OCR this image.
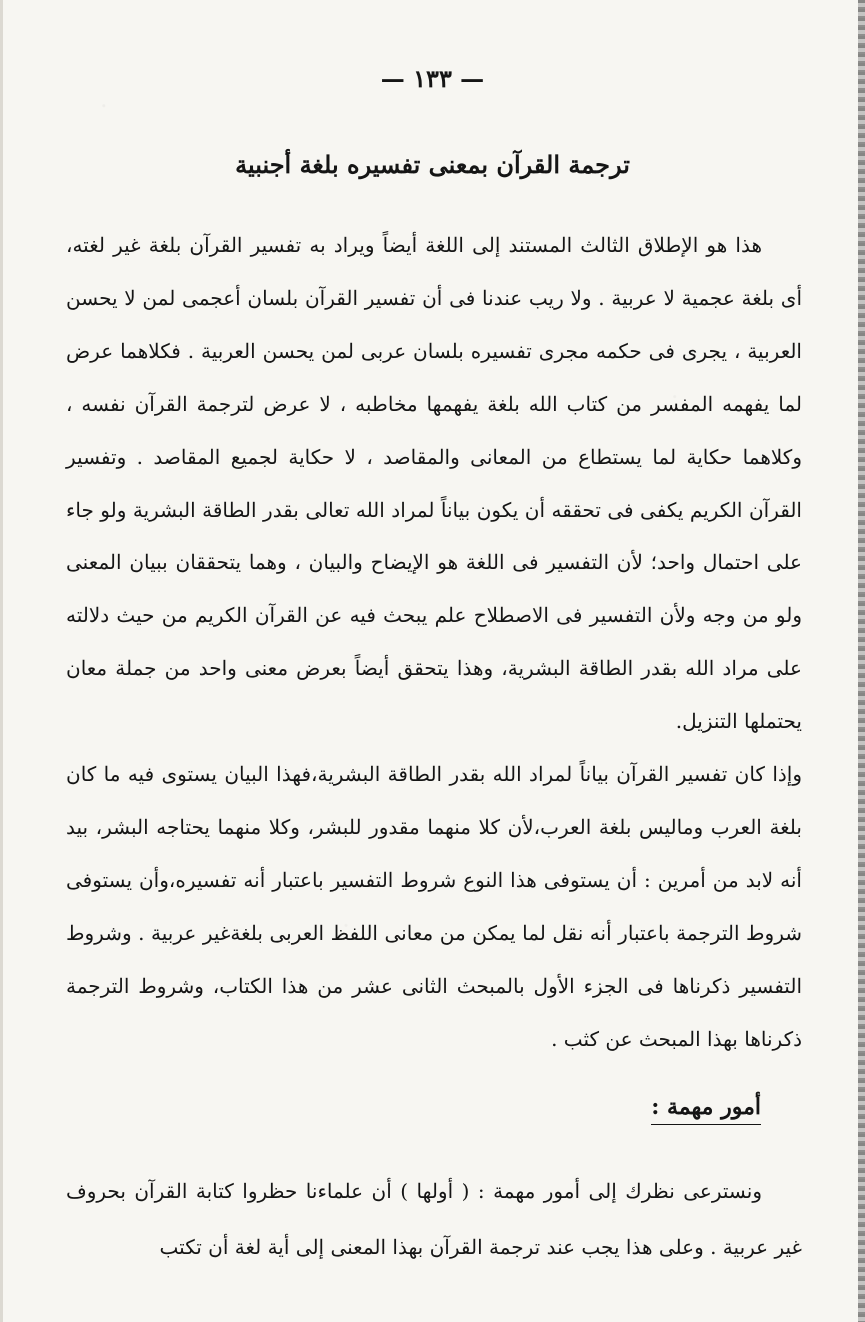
— ١٣٣ —
ترجمة القرآن بمعنى تفسيره بلغة أجنبية

هذا هو الإطلاق الثالث المستند إلى اللغة أيضاً ويراد به تفسير القرآن بلغة غير لغته، أى بلغة عجمية لا عربية . ولا ريب عندنا فى أن تفسير القرآن بلسان أعجمى لمن لا يحسن العربية ، يجرى فى حكمه مجرى تفسيره بلسان عربى لمن يحسن العربية . فكلاهما عرض لما يفهمه المفسر من كتاب الله بلغة يفهمها مخاطبه ، لا عرض لترجمة القرآن نفسه ، وكلاهما حكاية لما يستطاع من المعانى والمقاصد ، لا حكاية لجميع المقاصد . وتفسير القرآن الكريم يكفى فى تحققه أن يكون بياناً لمراد الله تعالى بقدر الطاقة البشرية ولو جاء على احتمال واحد؛ لأن التفسير فى اللغة هو الإيضاح والبيان ، وهما يتحققان ببيان المعنى ولو من وجه ولأن التفسير فى الاصطلاح علم يبحث فيه عن القرآن الكريم من حيث دلالته على مراد الله بقدر الطاقة البشرية، وهذا يتحقق أيضاً بعرض معنى واحد من جملة معان يحتملها التنزيل.

وإذا كان تفسير القرآن بياناً لمراد الله بقدر الطاقة البشرية،فهذا البيان يستوى فيه ما كان بلغة العرب وماليس بلغة العرب،لأن كلا منهما مقدور للبشر، وكلا منهما يحتاجه البشر، بيد أنه لابد من أمرين : أن يستوفى هذا النوع شروط التفسير باعتبار أنه تفسيره،وأن يستوفى شروط الترجمة باعتبار أنه نقل لما يمكن من معانى اللفظ العربى بلغةغير عربية . وشروط التفسير ذكرناها فى الجزء الأول بالمبحث الثانى عشر من هذا الكتاب، وشروط الترجمة ذكرناها بهذا المبحث عن كثب .

أمور مهمة :

ونسترعى نظرك إلى أمور مهمة : ( أولها ) أن علماءنا حظروا كتابة القرآن بحروف غير عربية . وعلى هذا يجب عند ترجمة القرآن بهذا المعنى إلى أية لغة أن تكتب
